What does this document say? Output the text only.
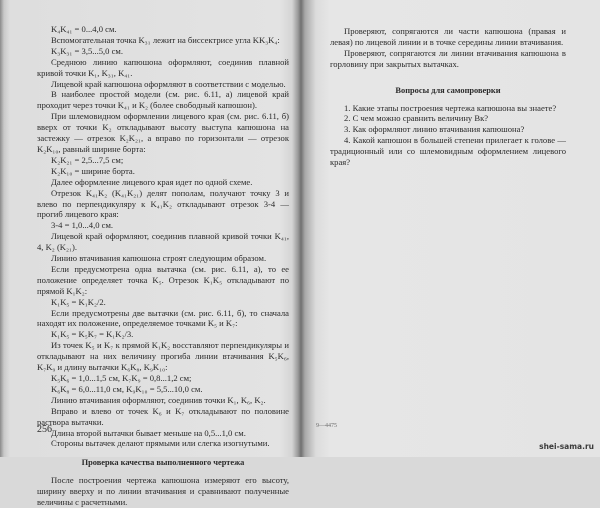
K₄K₄₁ = 0...4,0 см.

Вспомогательная точка K₃₁ лежит на биссектрисе угла KK₃K₄:

K₃K₃₁ = 3,5...5,0 см.

Среднюю линию капюшона оформляют, соединив плавной кривой точки K₁, K₃₁, K₄₁.

Лицевой край капюшона оформляют в соответствии с моделью.

В наиболее простой модели (см. рис. 6.11, а) лицевой край проходит через точки K₄₁ и K₂ (более свободный капюшон).

При шлемовидном оформлении лицевого края (см. рис. 6.11, б) вверх от точки K₂ откладывают высоту выступа капюшона на застежку — отрезок K₂K₂₁, а вправо по горизонтали — отрезок K₂K₁₀, равный ширине борта:

K₂K₂₁ = 2,5...7,5 см;

K₂K₁₀ = ширине борта.

Далее оформление лицевого края идет по одной схеме.

Отрезок K₄₁K₂ (K₄₁K₂₁) делят пополам, получают точку 3 и влево по перпендикуляру к K₄₁K₂ откладывают отрезок 3-4 — прогиб лицевого края:

3-4 = 1,0...4,0 см.

Лицевой край оформляют, соединив плавной кривой точки K₄₁, 4, K₂ (K₂₁).

Линию втачивания капюшона строят следующим образом.

Если предусмотрена одна вытачка (см. рис. 6.11, а), то ее положение определяет точка K₅. Отрезок K₁K₅ откладывают по прямой K₁K₂:

K₁K₅ = K₁K₂/2.

Если предусмотрены две вытачки (см. рис. 6.11, б), то сначала находят их положение, определяемое точками K₅ и K₇:

K₁K₅ = K₅K₇ = K₁K₂/3.

Из точек K₅ и K₇ к прямой K₁K₂ восставляют перпендикуляры и откладывают на них величину прогиба линии втачивания K₅K₆, K₇K₉ и длину вытачки K₆K₈, K₉K₁₀:

K₅K₆ = 1,0...1,5 см, K₇K₉ = 0,8...1,2 см;

K₆K₈ = 6,0...11,0 см, K₉K₁₀ = 5,5...10,0 см.

Линию втачивания оформляют, соединив точки K₁, K₆, K₂.

Вправо и влево от точек K₆ и K₇ откладывают по половине раствора вытачки.

Длина второй вытачки бывает меньше на 0,5...1,0 см.

Стороны вытачек делают прямыми или слегка изогнутыми.

Проверка качества выполненного чертежа

После построения чертежа капюшона измеряют его высоту, ширину вверху и по линии втачивания и сравнивают полученные величины с расчетными.

256

Проверяют, сопрягаются ли части капюшона (правая и левая) по лицевой линии и в точке середины линии втачивания.

Проверяют, сопрягаются ли линии втачивания капюшона в горловину при закрытых вытачках.

Вопросы для самопроверки

1. Какие этапы построения чертежа капюшона вы знаете?

2. С чем можно сравнить величину Bк?

3. Как оформляют линию втачивания капюшона?

4. Какой капюшон в большей степени прилегает к голове — традиционный или со шлемовидным оформлением лицевого края?

9—4475
shei-sama.ru
